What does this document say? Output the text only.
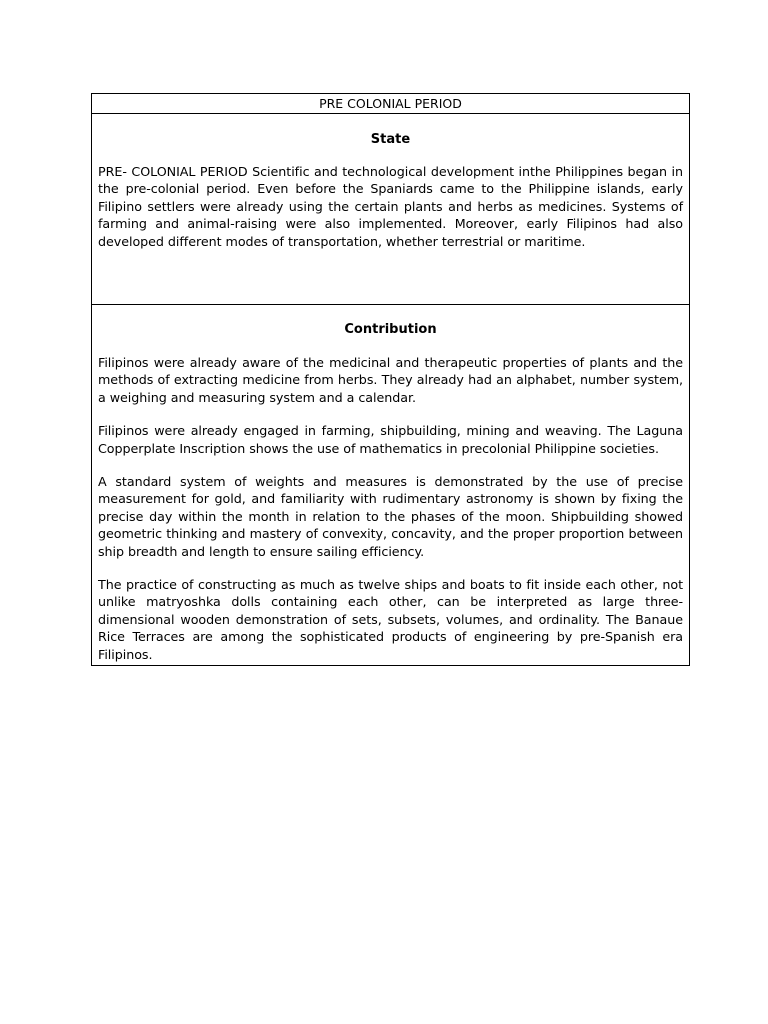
PRE COLONIAL PERIOD

State

PRE- COLONIAL PERIOD Scientific and technological development inthe Philippines began in the pre-colonial period. Even before the Spaniards came to the Philippine islands, early Filipino settlers were already using the certain plants and herbs as medicines. Systems of farming and animal-raising were also implemented. Moreover, early Filipinos had also developed different modes of transportation, whether terrestrial or maritime.

Contribution

Filipinos were already aware of the medicinal and therapeutic properties of plants and the methods of extracting medicine from herbs. They already had an alphabet, number system, a weighing and measuring system and a calendar.

Filipinos were already engaged in farming, shipbuilding, mining and weaving. The Laguna Copperplate Inscription shows the use of mathematics in precolonial Philippine societies.

A standard system of weights and measures is demonstrated by the use of precise measurement for gold, and familiarity with rudimentary astronomy is shown by fixing the precise day within the month in relation to the phases of the moon. Shipbuilding showed geometric thinking and mastery of convexity, concavity, and the proper proportion between ship breadth and length to ensure sailing efficiency.

The practice of constructing as much as twelve ships and boats to fit inside each other, not unlike matryoshka dolls containing each other, can be interpreted as large three-dimensional wooden demonstration of sets, subsets, volumes, and ordinality. The Banaue Rice Terraces are among the sophisticated products of engineering by pre-Spanish era Filipinos.
